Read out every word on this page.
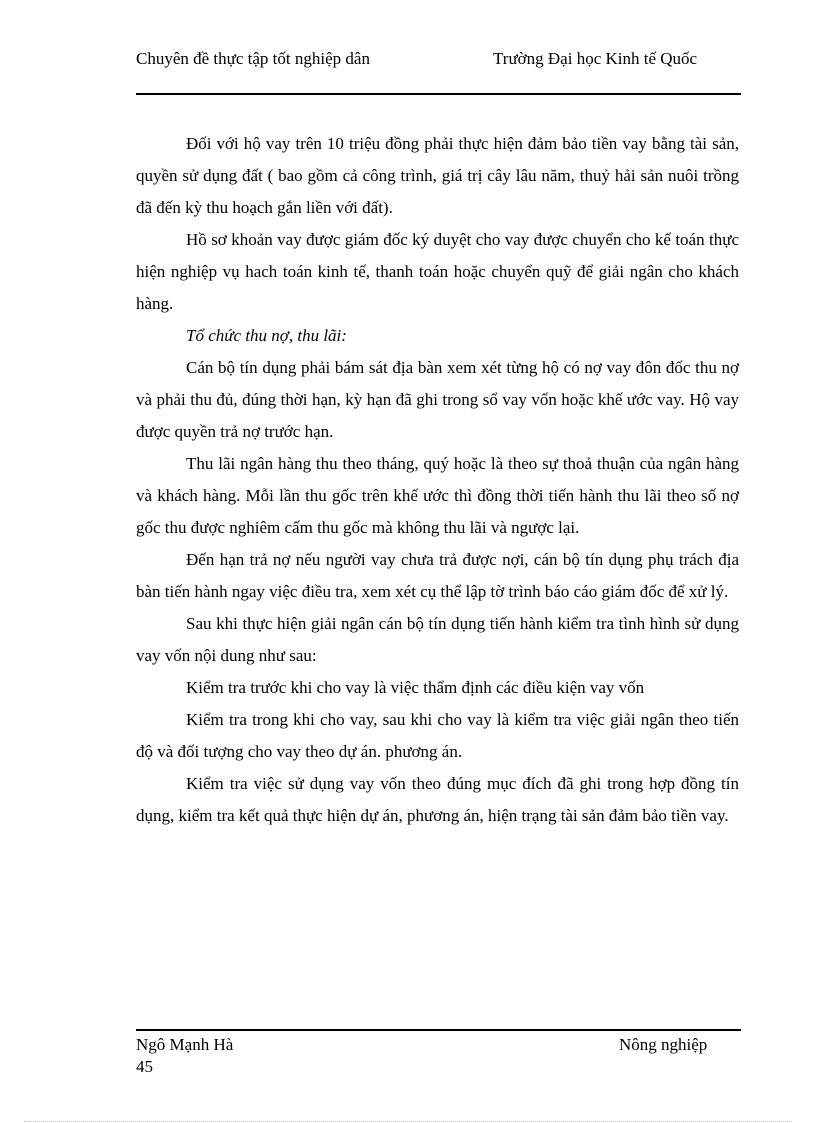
Chuyên đề thực tập tốt nghiệp dân	Trường Đại học Kinh tế Quốc

Đối với hộ vay trên 10 triệu đồng phải thực hiện đảm bảo tiền vay bằng tài sản, quyền sử dụng đất ( bao gồm cả công trình, giá trị cây lâu năm, thuỷ hải sản nuôi trồng đã đến kỳ thu hoạch gắn liền với đất).

Hồ sơ khoản vay được giám đốc ký duyệt cho vay được chuyển cho kế toán thực hiện nghiệp vụ hach toán kinh tế, thanh toán hoặc chuyển quỹ để giải ngân cho khách hàng.

Tổ chức thu nợ, thu lãi:

Cán bộ tín dụng phải bám sát địa bàn xem xét từng hộ có nợ vay đôn đốc thu nợ và phải thu đủ, đúng thời hạn, kỳ hạn đã ghi trong sổ vay vốn hoặc khế ước vay. Hộ vay được quyền trả nợ trước hạn.

Thu lãi ngân hàng thu theo tháng, quý hoặc là theo sự thoả thuận của ngân hàng và khách hàng. Mỗi lần thu gốc trên khế ước thì đồng thời tiến hành thu lãi theo số nợ gốc thu được nghiêm cấm thu gốc mà không thu lãi và ngược lại.

Đến hạn trả nợ nếu người vay chưa trả được nợi, cán bộ tín dụng phụ trách địa bàn tiến hành ngay việc điều tra, xem xét cụ thể lập tờ trình báo cáo giám đốc để xử lý.

Sau khi thực hiện giải ngân cán bộ tín dụng tiến hành kiểm tra tình hình sử dụng vay vốn nội dung như sau:

Kiểm tra trước khi cho vay là việc thẩm định các điều kiện vay vốn

Kiểm tra trong khi cho vay, sau khi cho vay là kiểm tra việc giải ngân theo tiến độ và đối tượng cho vay theo dự án. phương án.

Kiểm tra việc sử dụng vay vốn theo đúng mục đích đã ghi trong hợp đồng tín dụng, kiểm tra kết quả thực hiện dự án, phương án, hiện trạng tài sản đảm bảo tiền vay.

Ngô Mạnh Hà
45
Nông nghiệp
